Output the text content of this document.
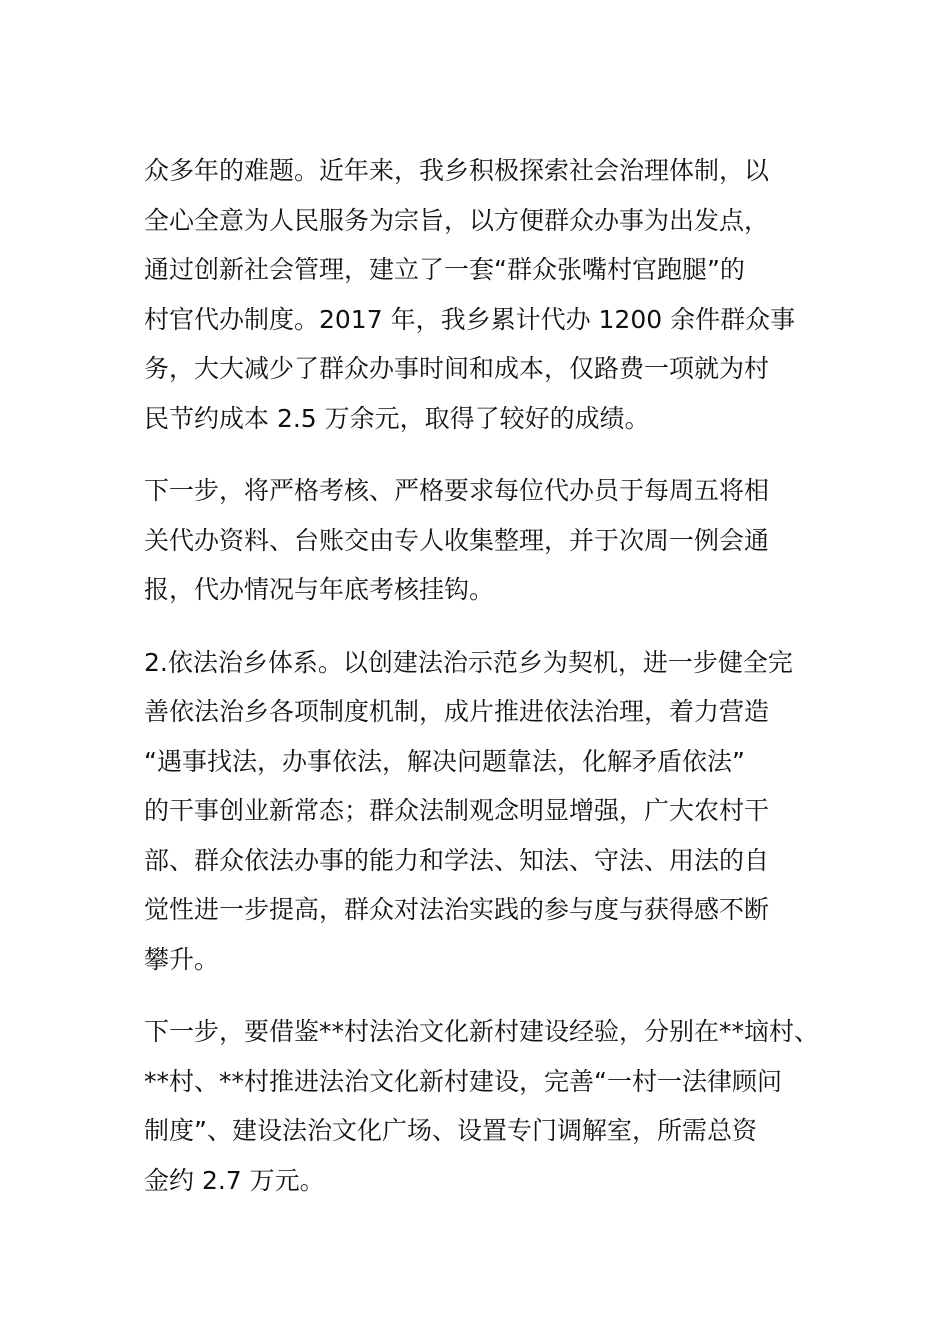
众多年的难题。近年来，我乡积极探索社会治理体制，以
全心全意为人民服务为宗旨，以方便群众办事为出发点，
通过创新社会管理，建立了一套“群众张嘴村官跑腿”的
村官代办制度。2017 年，我乡累计代办 1200 余件群众事
务，大大减少了群众办事时间和成本，仅路费一项就为村
民节约成本 2.5 万余元，取得了较好的成绩。

下一步，将严格考核、严格要求每位代办员于每周五将相
关代办资料、台账交由专人收集整理，并于次周一例会通
报，代办情况与年底考核挂钩。

2.依法治乡体系。以创建法治示范乡为契机，进一步健全完
善依法治乡各项制度机制，成片推进依法治理，着力营造
“遇事找法，办事依法，解决问题靠法，化解矛盾依法”
的干事创业新常态；群众法制观念明显增强，广大农村干
部、群众依法办事的能力和学法、知法、守法、用法的自
觉性进一步提高，群众对法治实践的参与度与获得感不断
攀升。

下一步，要借鉴**村法治文化新村建设经验，分别在**垴村、
**村、**村推进法治文化新村建设，完善“一村一法律顾问
制度”、建设法治文化广场、设置专门调解室，所需总资
金约 2.7 万元。
